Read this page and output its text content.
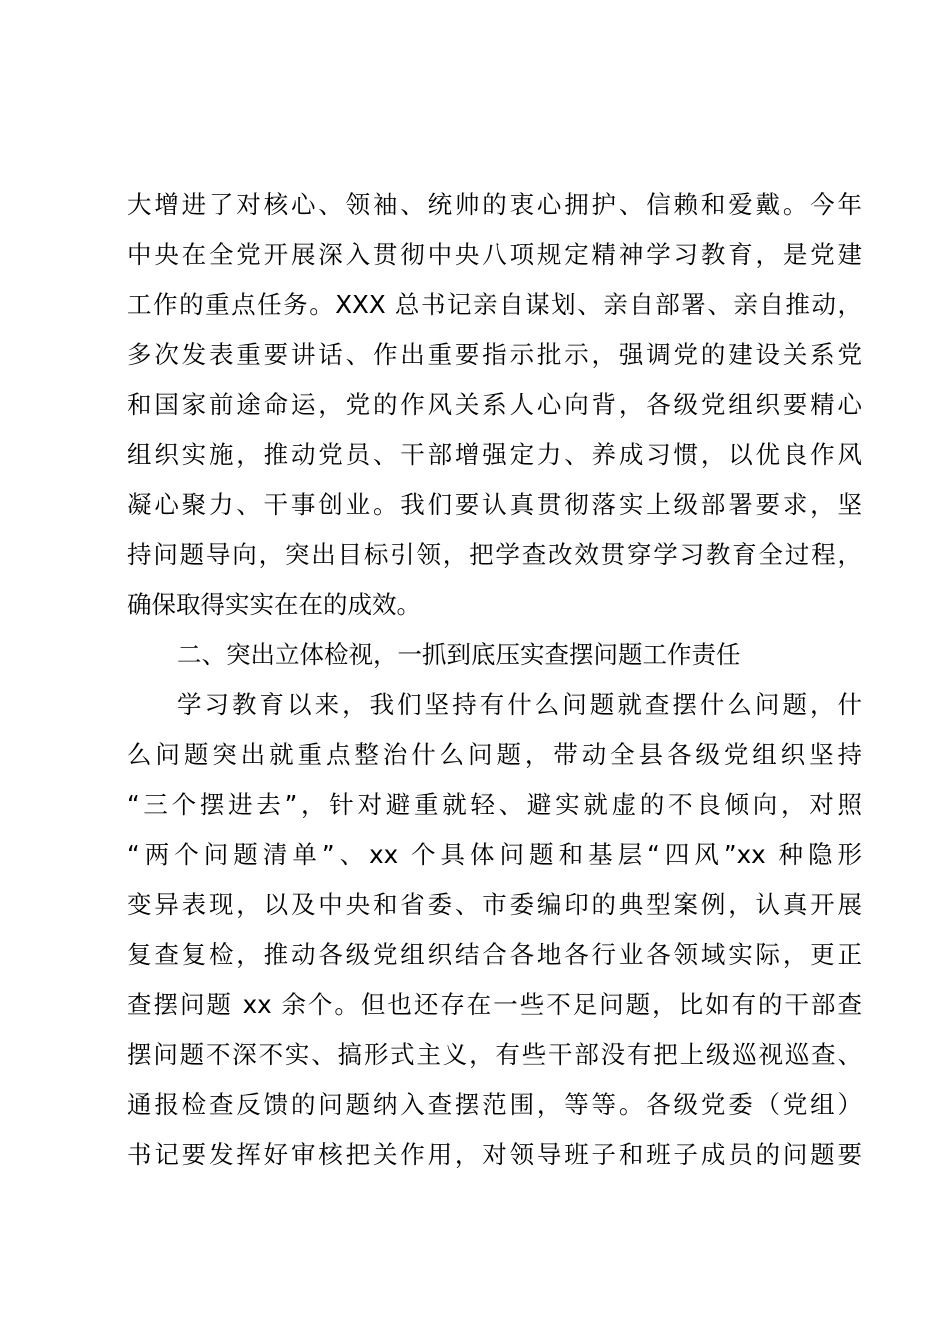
大增进了对核心、领袖、统帅的衷心拥护、信赖和爱戴。今年
中央在全党开展深入贯彻中央八项规定精神学习教育，是党建
工作的重点任务。XXX 总书记亲自谋划、亲自部署、亲自推动，
多次发表重要讲话、作出重要指示批示，强调党的建设关系党
和国家前途命运，党的作风关系人心向背，各级党组织要精心
组织实施，推动党员、干部增强定力、养成习惯，以优良作风
凝心聚力、干事创业。我们要认真贯彻落实上级部署要求，坚
持问题导向，突出目标引领，把学查改效贯穿学习教育全过程，
确保取得实实在在的成效。
二、突出立体检视，一抓到底压实查摆问题工作责任
学习教育以来，我们坚持有什么问题就查摆什么问题，什
么问题突出就重点整治什么问题，带动全县各级党组织坚持
“三个摆进去”，针对避重就轻、避实就虚的不良倾向，对照
“两个问题清单”、xx 个具体问题和基层“四风”xx 种隐形
变异表现，以及中央和省委、市委编印的典型案例，认真开展
复查复检，推动各级党组织结合各地各行业各领域实际，更正
查摆问题 xx 余个。但也还存在一些不足问题，比如有的干部查
摆问题不深不实、搞形式主义，有些干部没有把上级巡视巡查、
通报检查反馈的问题纳入查摆范围，等等。各级党委（党组）
书记要发挥好审核把关作用，对领导班子和班子成员的问题要
